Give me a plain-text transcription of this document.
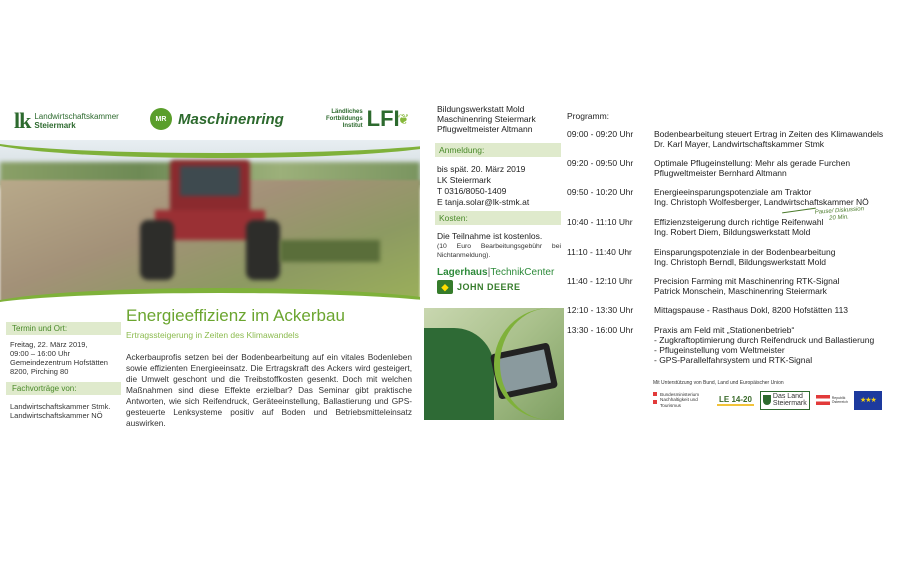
lk Landwirtschaftskammer
Steiermark
MR Maschinenring	Ländliches
Fortbildungs
Institut LFI
❦
Termin und Ort:
Freitag, 22. März 2019,
09:00 – 16:00 Uhr
Gemeindezentrum Hofstätten
8200, Pirching 80
Fachvorträge von:
Landwirtschaftskammer Stmk.
Landwirtschaftskammer NÖ
Energieeffizienz im Ackerbau
Ertragssteigerung in Zeiten des Klimawandels
Ackerbauprofis setzen bei der Bodenbearbeitung auf ein vitales Bodenleben sowie effizienten Energieeinsatz. Die Ertragskraft des Ackers wird gesteigert, die Umwelt geschont und die Treibstoffkosten gesenkt. Doch mit welchen Maßnahmen sind diese Effekte erzielbar? Das Seminar gibt praktische Antworten, wie sich Reifendruck, Geräteeinstellung, Ballastierung und GPS-gesteuerte Lenksysteme positiv auf Boden und Betriebsmitteleinsatz auswirken.
Bildungswerkstatt Mold
Maschinenring Steiermark
Pflugweltmeister Altmann
Anmeldung:
bis spät. 20. März 2019
LK Steiermark
T 0316/8050-1409
E tanja.solar@lk-stmk.at
Kosten:
Die Teilnahme ist kostenlos.
(10 Euro Bearbeitungsgebühr bei Nichtanmeldung).
Lagerhaus|TechnikCenter
◆ JOHN DEERE
Programm:
09:00 - 09:20 Uhr	Bodenbearbeitung steuert Ertrag in Zeiten des Klimawandels
Dr. Karl Mayer, Landwirtschaftskammer Stmk
09:20 - 09:50 Uhr	Optimale Pflugeinstellung: Mehr als gerade Furchen
Pflugweltmeister Bernhard Altmann
09:50 - 10:20 Uhr	Energieeinsparungspotenziale am Traktor
Ing. Christoph Wolfesberger, Landwirtschaftskammer NÖ
10:40 - 11:10 Uhr	Effizienzsteigerung durch richtige Reifenwahl
Ing. Robert Diem, Bildungswerkstatt Mold
11:10 - 11:40 Uhr	Einsparungspotenziale in der Bodenbearbeitung
Ing. Christoph Berndl, Bildungswerkstatt Mold
11:40 - 12:10 Uhr	Precision Farming mit Maschinenring RTK-Signal
Patrick Monschein, Maschinenring Steiermark
12:10 - 13:30 Uhr	Mittagspause - Rasthaus Dokl, 8200 Hofstätten 113
13:30 - 16:00 Uhr	Praxis am Feld mit „Stationenbetrieb“
- Zugkraftoptimierung durch Reifendruck und Ballastierung
- Pflugeinstellung vom Weltmeister
- GPS-Parallelfahrsystem und RTK-Signal
Pause/ Diskussion
20 Min.
Mit Unterstützung von Bund, Land und Europäischer Union
Bundesministerium
Nachhaltigkeit und
Tourismus
LE 14-20	Das Land
Steiermark
Republik
Österreich	★★★
